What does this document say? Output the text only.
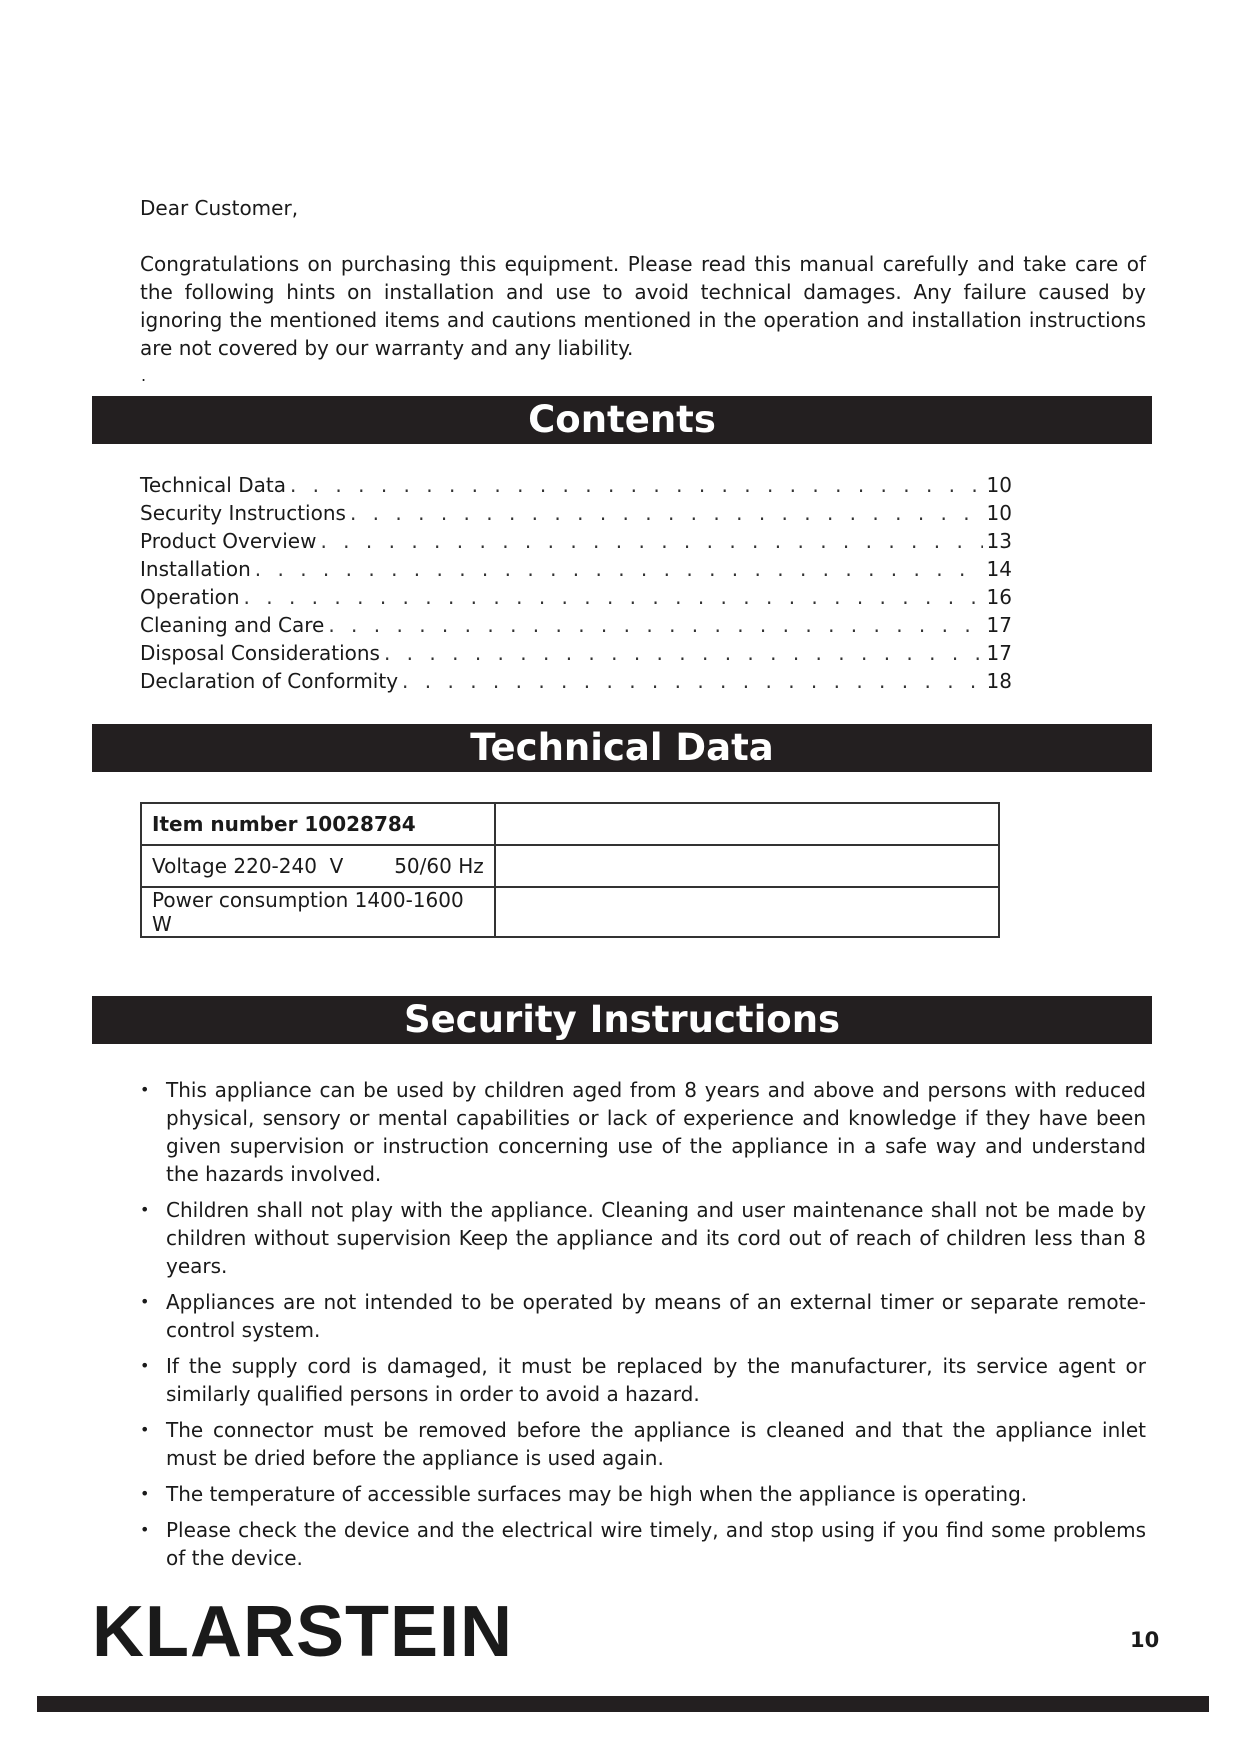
Dear Customer,
Congratulations on purchasing this equipment. Please read this manual carefully and take care of the following hints on installation and use to avoid technical damages. Any failure caused by ignoring the mentioned items and cautions mentioned in the operation and installation instructions are not covered by our warranty and any liability.
.
Contents
Technical Data . . .	10
Security Instructions . . .	10
Product Overview . . .	13
Installation . . .	14
Operation . . .	16
Cleaning and Care . . .	17
Disposal Considerations . . .	17
Declaration of Conformity . . .	18
Technical Data
Item number 10028784	
Voltage 220-240  V        50/60 Hz	
Power consumption 1400-1600 W	
Security Instructions
• This appliance can be used by children aged from 8 years and above and persons with reduced physical, sensory or mental capabilities or lack of experience and knowledge if they have been given supervision or instruction concerning use of the appliance in a safe way and understand the hazards involved.
• Children shall not play with the appliance. Cleaning and user maintenance shall not be made by children without supervision Keep the appliance and its cord out of reach of children less than 8 years.
• Appliances are not intended to be operated by means of an external timer or separate remote-control system.
• If the supply cord is damaged, it must be replaced by the manufacturer, its service agent or similarly qualified persons in order to avoid a hazard.
• The connector must be removed before the appliance is cleaned and that the appliance inlet must be dried before the appliance is used again.
• The temperature of accessible surfaces may be high when the appliance is operating.
• Please check the device and the electrical wire timely, and stop using if you find some problems of the device.
KLARSTEIN	10
